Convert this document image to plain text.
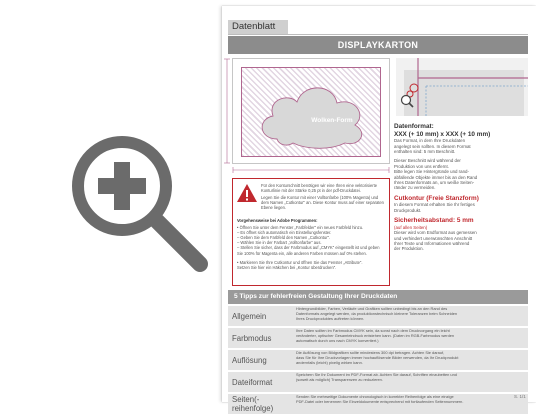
Datenblatt
DISPLAYKARTON
Wolken-Form
Datenformat:
XXX (+ 10 mm) x XXX (+ 10 mm)
Das Format, in dem Ihre Druckdaten
angelegt sein sollten. In diesem Format
enthalten sind: 5 mm Beschnitt.
Dieser Beschnitt wird während der
Produktion von uns entfernt.
Bitte legen Sie Hintergründe und rand-
abfallende Objekte immer bis an den Rand
Ihres Datenformats an, um weiße Seiten-
ränder zu vermeiden.
Cutkontur (Freie Stanzform)
In diesem Format erhalten Sie Ihr fertiges
Druckprodukt.
Sicherheitsabstand: 5 mm
(auf allen Seiten)
Dieser wird vom Endformat aus gemessen
und verhindert unerwünschten Anschnitt
Ihrer Texte und Informationen während
der Produktion.
Für den Konturschnitt benötigen wir eine Ihren eine vektorisierte
Konturlinie mit der Stärke 0,25 pt in der pdf-Druckdatei.
Legen Sie die Kontur mit einer Volltonfarbe (100% Magenta) und
dem Namen „Cutkontur" an. Diese Kontur muss auf einer separaten
Ebene liegen.
Vorgehensweise bei Adobe Programmen:
• Öffnen Sie unter dem Fenster „Farbfelder" ein neues Farbfeld hinzu.
– Es öffnet sich automatisch ein Einstellungsfenster.
– Geben Sie dem Farbfeld den Namen „Cutkontur".
– Wählen Sie in der Farbart „Volltonfarbe" aus.
– Stellen Sie sicher, dass der Farbmodus auf „CMYK" eingestellt ist und geben
Sie 100% für Magenta ein, alle anderen Farben müssen auf 0% stehen.
• Markieren Sie Ihre Cutkontur und öffnen Sie das Fenster „Attribute".
Setzen Sie hier ein Häkchen bei „Kontur überdrucken".
5 Tipps zur fehlerfreien Gestaltung Ihrer Druckdaten
Allgemein
Hintergrundbilder, Farben, Verläufe und Grafiken sollten unbedingt bis an den Rand des
Datenformats angelegt werden, da produktionstechnisch kleinere Toleranzen beim Schneiden
Ihres Druckproduktes auftreten können.
Farbmodus
Ihre Daten sollten im Farbmodus CMYK sein, da sonst nach dem Druckvorgang ein leicht
veränderter, optischer Gesamteindruck entstehen kann. (Daten im RGB-Farbmodus werden
automatisch durch uns nach CMYK konvertiert.)
Auflösung
Die Auflösung von Bildgrafiken sollte mindestens 300 dpi betragen. Achten Sie darauf,
dass Sie für Ihre Druckvorlagen immer hochauflösende Bilder verwenden, da Ihr Druckprodukt
andernfalls (leicht) pixelig wirken kann.
Dateiformat
Speichern Sie Ihr Dokument im PDF-Format ab. Achten Sie darauf, Schriften einzubetten und
(soweit als möglich) Transparenzen zu reduzieren.
Seiten(-reihenfolge)
Senden Sie mehrseitige Dokumente chronologisch in korrekter Reihenfolge als eine einzige
PDF-Datei oder benennen Sie Einzeldokumente entsprechend mit fortlaufenden Seitennummern.
S. 1/1
